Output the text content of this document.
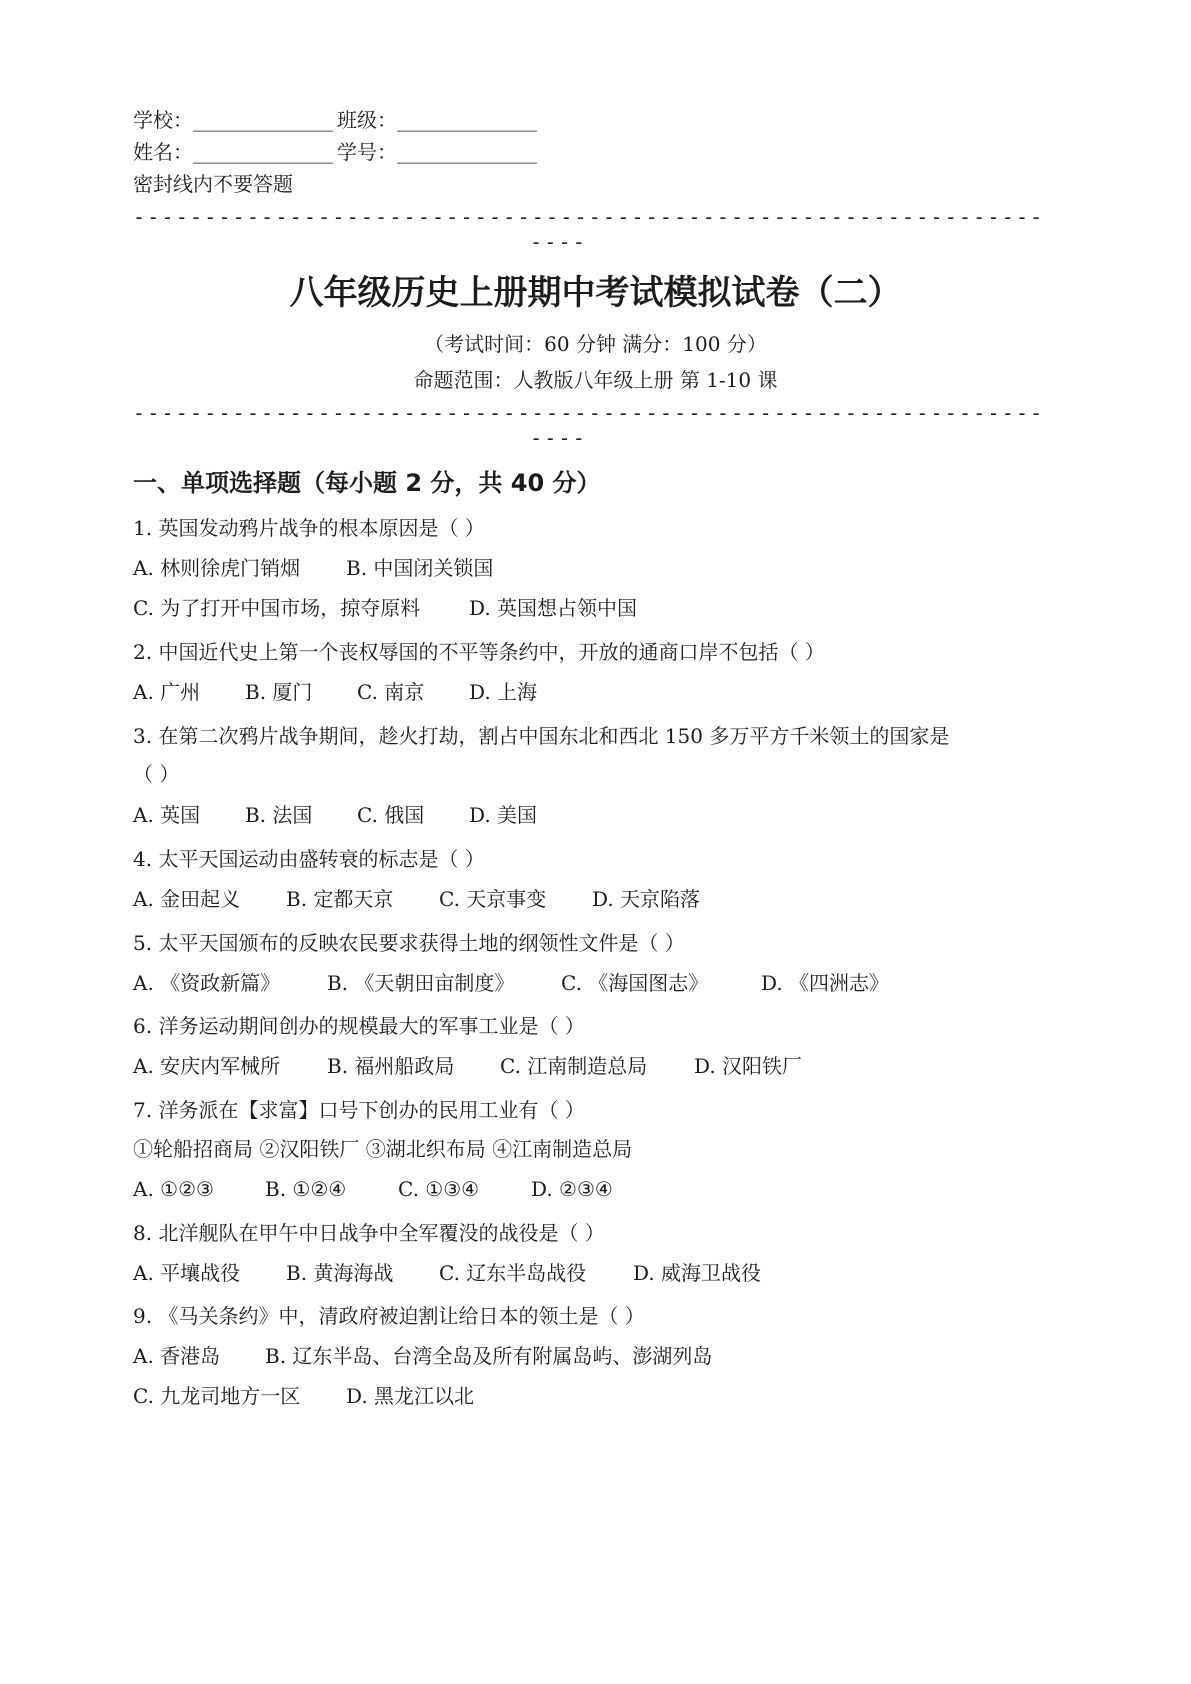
学校：______________ 班级：______________
姓名：______________ 学号：______________
密封线内不要答题
----------------------------------------------------------------
----
八年级历史上册期中考试模拟试卷（二）
（考试时间：60 分钟 满分：100 分）
命题范围：人教版八年级上册 第 1-10 课
----------------------------------------------------------------
----
一、单项选择题（每小题 2 分，共 40 分）
1. 英国发动鸦片战争的根本原因是（ ）
A. 林则徐虎门销烟 B. 中国闭关锁国
C. 为了打开中国市场，掠夺原料 D. 英国想占领中国
2. 中国近代史上第一个丧权辱国的不平等条约中，开放的通商口岸不包括（ ）
A. 广州 B. 厦门 C. 南京 D. 上海
3. 在第二次鸦片战争期间，趁火打劫，割占中国东北和西北 150 多万平方千米领土的国家是
（ ）
A. 英国 B. 法国 C. 俄国 D. 美国
4. 太平天国运动由盛转衰的标志是（ ）
A. 金田起义 B. 定都天京 C. 天京事变 D. 天京陷落
5. 太平天国颁布的反映农民要求获得土地的纲领性文件是（ ）
A. 《资政新篇》 B. 《天朝田亩制度》 C. 《海国图志》	D. 《四洲志》
6. 洋务运动期间创办的规模最大的军事工业是（ ）
A. 安庆内军械所 B. 福州船政局 C. 江南制造总局 D. 汉阳铁厂
7. 洋务派在【求富】口号下创办的民用工业有（ ）
①轮船招商局 ②汉阳铁厂 ③湖北织布局 ④江南制造总局
A. ①②③	B. ①②④	C. ①③④	D. ②③④
8. 北洋舰队在甲午中日战争中全军覆没的战役是（ ）
A. 平壤战役 B. 黄海海战 C. 辽东半岛战役 D. 威海卫战役
9. 《马关条约》中，清政府被迫割让给日本的领土是（ ）
A. 香港岛 B. 辽东半岛、台湾全岛及所有附属岛屿、澎湖列岛
C. 九龙司地方一区 D. 黑龙江以北
